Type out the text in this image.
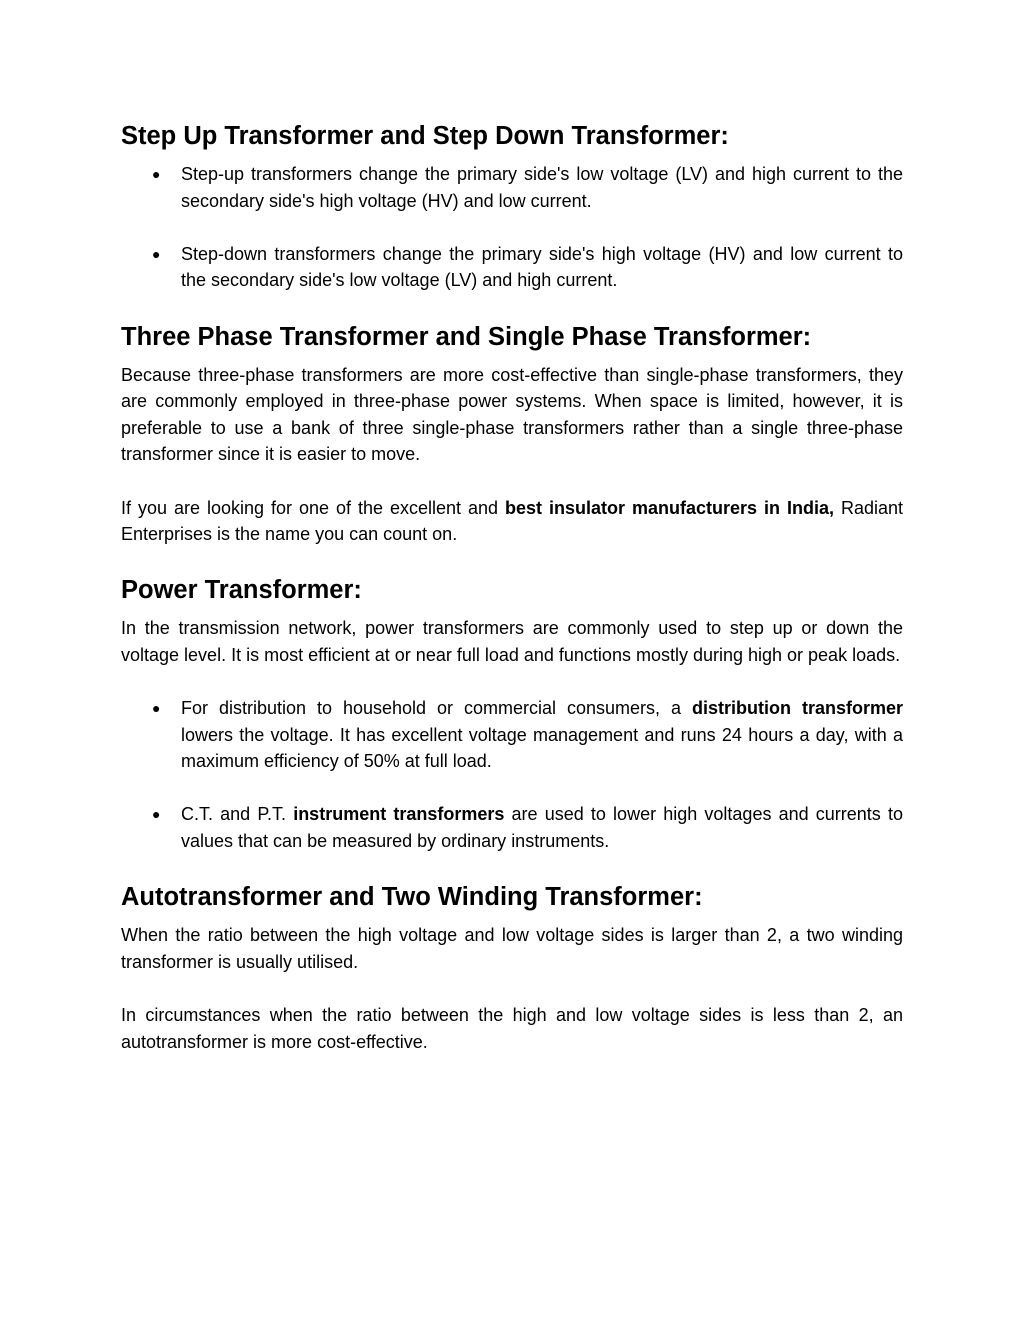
Step Up Transformer and Step Down Transformer:
● Step-up transformers change the primary side's low voltage (LV) and high current to the secondary side's high voltage (HV) and low current.
● Step-down transformers change the primary side's high voltage (HV) and low current to the secondary side's low voltage (LV) and high current.
Three Phase Transformer and Single Phase Transformer:

Because three-phase transformers are more cost-effective than single-phase transformers, they are commonly employed in three-phase power systems. When space is limited, however, it is preferable to use a bank of three single-phase transformers rather than a single three-phase transformer since it is easier to move.

If you are looking for one of the excellent and best insulator manufacturers in India, Radiant Enterprises is the name you can count on.

Power Transformer:

In the transmission network, power transformers are commonly used to step up or down the voltage level. It is most efficient at or near full load and functions mostly during high or peak loads.

● For distribution to household or commercial consumers, a distribution transformer lowers the voltage. It has excellent voltage management and runs 24 hours a day, with a maximum efficiency of 50% at full load.
● C.T. and P.T. instrument transformers are used to lower high voltages and currents to values that can be measured by ordinary instruments.
Autotransformer and Two Winding Transformer:

When the ratio between the high voltage and low voltage sides is larger than 2, a two winding transformer is usually utilised.

In circumstances when the ratio between the high and low voltage sides is less than 2, an autotransformer is more cost-effective.
